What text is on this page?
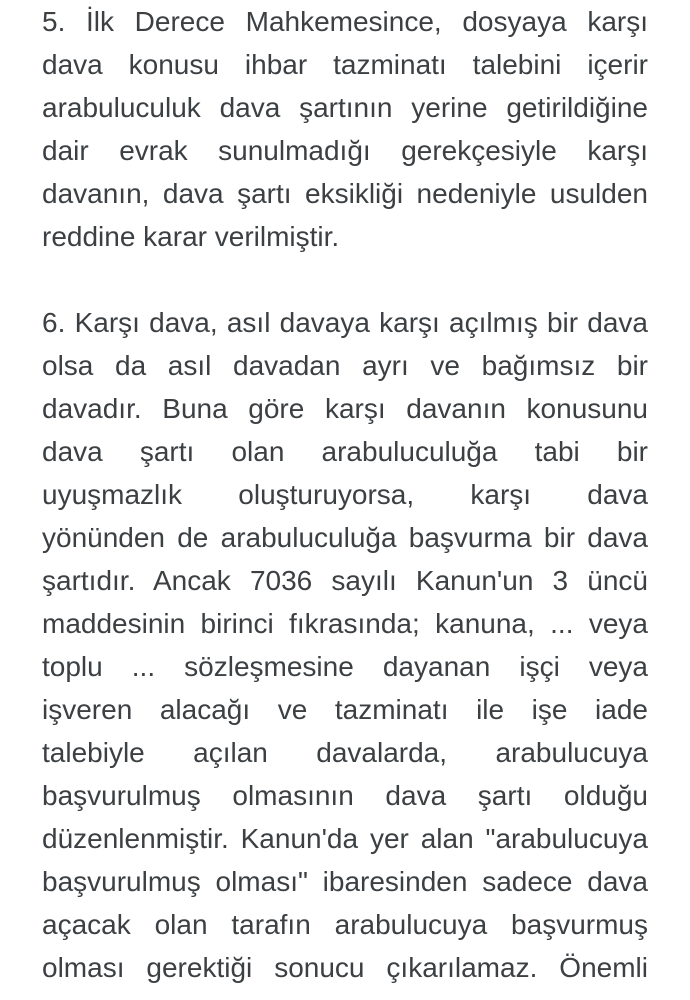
5. İlk Derece Mahkemesince, dosyaya karşı
dava konusu ihbar tazminatı talebini içerir
arabuluculuk dava şartının yerine getirildiğine
dair evrak sunulmadığı gerekçesiyle karşı
davanın, dava şartı eksikliği nedeniyle usulden
reddine karar verilmiştir.
6. Karşı dava, asıl davaya karşı açılmış bir dava
olsa da asıl davadan ayrı ve bağımsız bir
davadır. Buna göre karşı davanın konusunu
dava şartı olan arabuluculuğa tabi bir
uyuşmazlık oluşturuyorsa, karşı dava
yönünden de arabuluculuğa başvurma bir dava
şartıdır. Ancak 7036 sayılı Kanun'un 3 üncü
maddesinin birinci fıkrasında; kanuna, ... veya
toplu ... sözleşmesine dayanan işçi veya
işveren alacağı ve tazminatı ile işe iade
talebiyle açılan davalarda, arabulucuya
başvurulmuş olmasının dava şartı olduğu
düzenlenmiştir. Kanun'da yer alan "arabulucuya
başvurulmuş olması" ibaresinden sadece dava
açacak olan tarafın arabulucuya başvurmuş
olması gerektiği sonucu çıkarılamaz. Önemli
